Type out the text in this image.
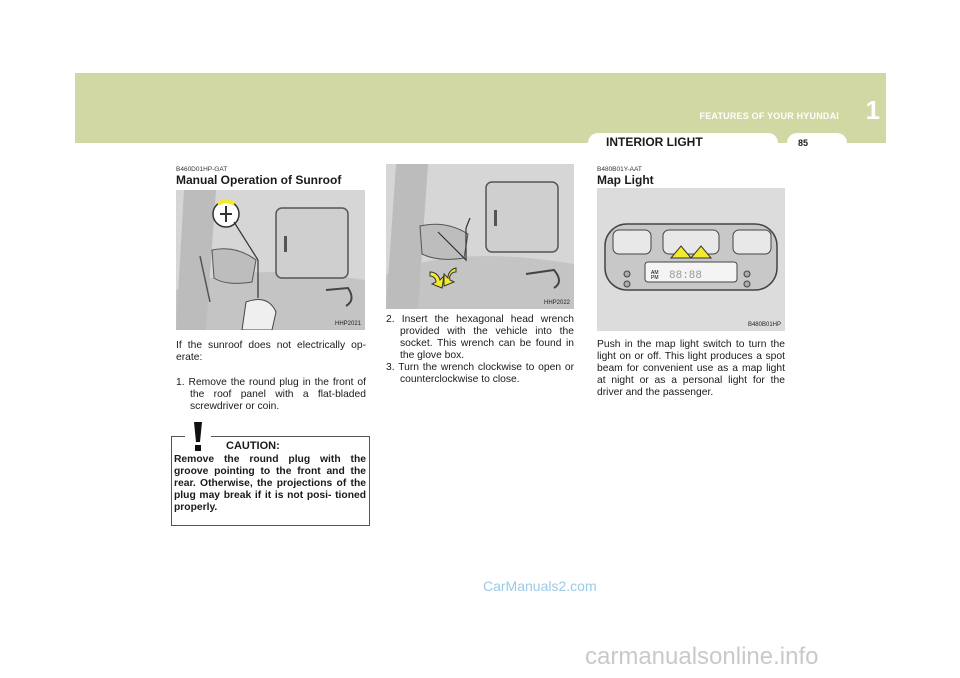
FEATURES OF YOUR HYUNDAI 1
INTERIOR LIGHT	85
B460D01HP-GAT
Manual Operation of Sunroof
HHP2021
If the sunroof does not electrically op- erate:
1. Remove the round plug in the front of the roof panel with a flat-bladed screwdriver or coin.
CAUTION:
Remove the round plug with the groove pointing to the front and the rear. Otherwise, the projections of the plug may break if it is not posi- tioned properly.
HHP2022
2. Insert the hexagonal head wrench provided with the vehicle into the socket. This wrench can be found in the glove box.
3. Turn the wrench clockwise to open or counterclockwise to close.
B480B01Y-AAT
Map Light
AM
PM 88:88
B480B01HP
Push in the map light switch to turn the light on or off. This light produces a spot beam for convenient use as a map light at night or as a personal light for the driver and the passenger.
CarManuals2.com
carmanualsonline.info
